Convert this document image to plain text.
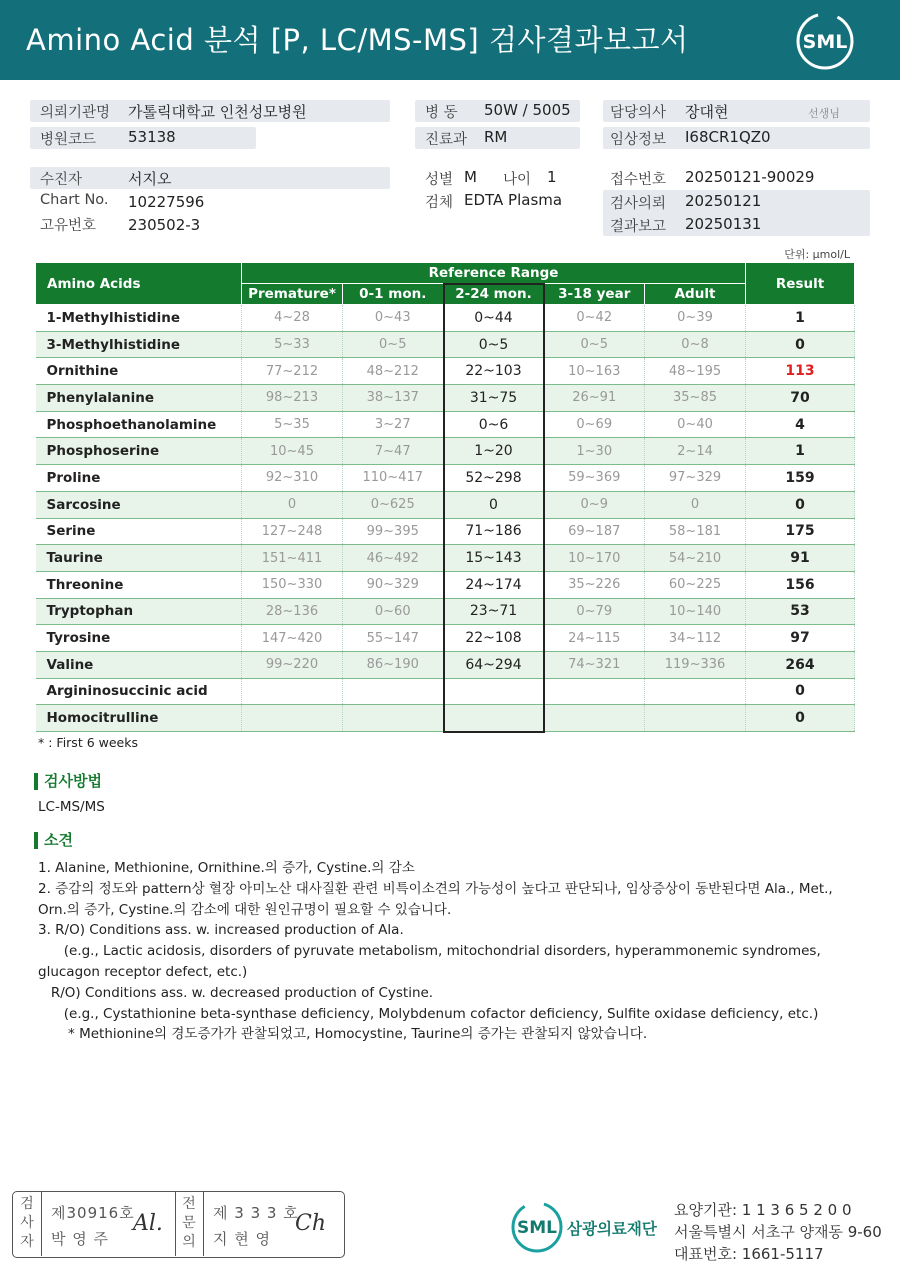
Amino Acid 분석 [P, LC/MS-MS] 검사결과보고서	SML
의뢰기관명 가톨릭대학교 인천성모병원
병원코드 53138
병 동 50W / 5005
진료과 RM
담당의사 장대현	선생님
임상정보 I68CR1QZ0
수진자	서지오
Chart No. 10227596
고유번호 230502-3
성별 M 나이 1
검체 EDTA Plasma
접수번호 20250121-90029
검사의뢰 20250121
결과보고 20250131
단위: μmol/L
Amino Acids	Reference Range					Result
	Premature*	0-1 mon.	2-24 mon.	3-18 year	Adult	
1-Methylhistidine	4~28	0~43	0~44	0~42	0~39	1
3-Methylhistidine	5~33	0~5	0~5	0~5	0~8	0
Ornithine	77~212	48~212	22~103	10~163	48~195	113
Phenylalanine	98~213	38~137	31~75	26~91	35~85	70
Phosphoethanolamine	5~35	3~27	0~6	0~69	0~40	4
Phosphoserine	10~45	7~47	1~20	1~30	2~14	1
Proline	92~310	110~417	52~298	59~369	97~329	159
Sarcosine	0	0~625	0	0~9	0	0
Serine	127~248	99~395	71~186	69~187	58~181	175
Taurine	151~411	46~492	15~143	10~170	54~210	91
Threonine	150~330	90~329	24~174	35~226	60~225	156
Tryptophan	28~136	0~60	23~71	0~79	10~140	53
Tyrosine	147~420	55~147	22~108	24~115	34~112	97
Valine	99~220	86~190	64~294	74~321	119~336	264
Argininosuccinic acid						0
Homocitrulline						0
* : First 6 weeks
검사방법
LC-MS/MS
소견
1. Alanine, Methionine, Ornithine.의 증가, Cystine.의 감소
2. 증감의 정도와 pattern상 혈장 아미노산 대사질환 관련 비특이소견의 가능성이 높다고 판단되나, 임상증상이 동반된다면 Ala., Met.,
Orn.의 증가, Cystine.의 감소에 대한 원인규명이 필요할 수 있습니다.
3. R/O) Conditions ass. w. increased production of Ala.
(e.g., Lactic acidosis, disorders of pyruvate metabolism, mitochondrial disorders, hyperammonemic syndromes,
glucagon receptor defect, etc.)
R/O) Conditions ass. w. decreased production of Cystine.
(e.g., Cystathionine beta-synthase deficiency, Molybdenum cofactor deficiency, Sulfite oxidase deficiency, etc.)
* Methionine의 경도증가가 관찰되었고, Homocystine, Taurine의 증가는 관찰되지 않았습니다.
검
사
자
제30916호
박 영 주
Al.
전
문
의
제 3 3 3 호
지 현 영
Ch	SML 삼광의료재단
요양기관: 1 1 3 6 5 2 0 0
서울특별시 서초구 양재동 9-60
대표번호: 1661-5117
